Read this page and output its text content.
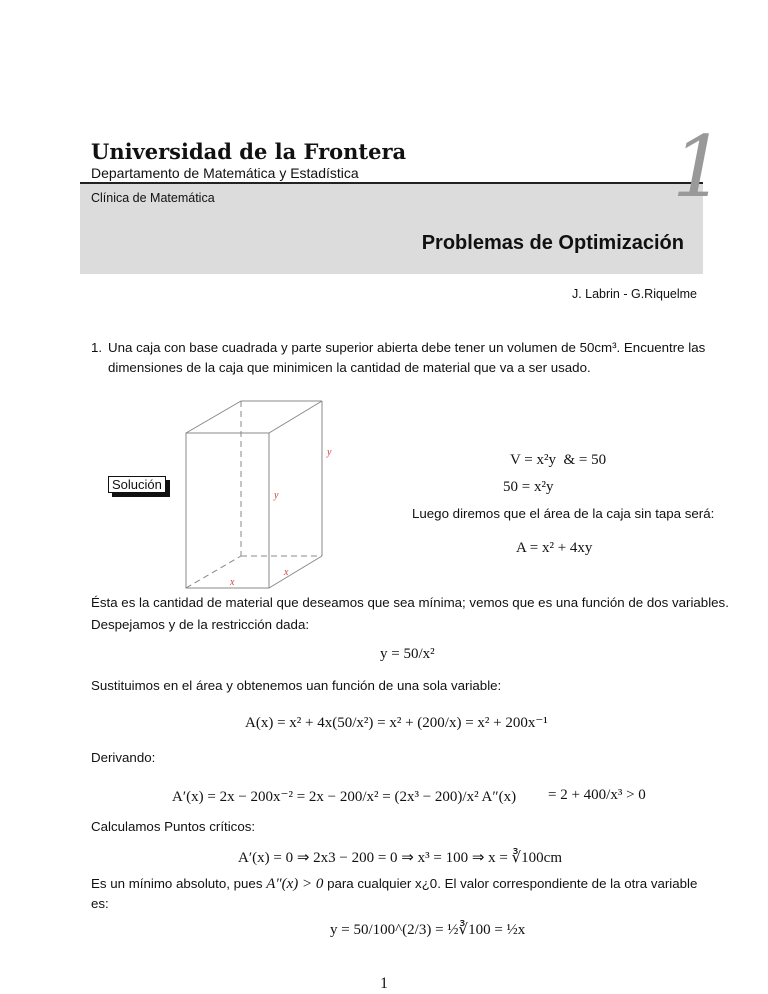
Universidad de la Frontera
Departamento de Matemática y Estadística
Clínica de Matemática	1
Problemas de Optimización
J. Labrin - G.Riquelme
1. Una caja con base cuadrada y parte superior abierta debe tener un volumen de 50cm³. Encuentre las
dimensiones de la caja que minimicen la cantidad de material que va a ser usado.
y
y
x
x
Solución
V = x²y  & = 50
50 = x²y
Luego diremos que el área de la caja sin tapa será:
A = x² + 4xy
Ésta es la cantidad de material que deseamos que sea mínima; vemos que es una función de dos variables.
Despejamos y de la restricción dada:
y = 50/x²
Sustituimos en el área y obtenemos uan función de una sola variable:
A(x) = x² + 4x(50/x²) = x² + (200/x) = x² + 200x⁻¹
Derivando:
A′(x) = 2x − 200x⁻² = 2x − 200/x² = (2x³ − 200)/x² A″(x) = 2 + 400/x³ > 0
Calculamos Puntos críticos:
A′(x) = 0 ⇒ 2x3 − 200 = 0 ⇒ x³ = 100 ⇒ x = ∛100cm
Es un mínimo absoluto, pues A″(x) > 0 para cualquier x¿0. El valor correspondiente de la otra variable
es:
y = 50/100^(2/3) = ½∛100 = ½x
1
